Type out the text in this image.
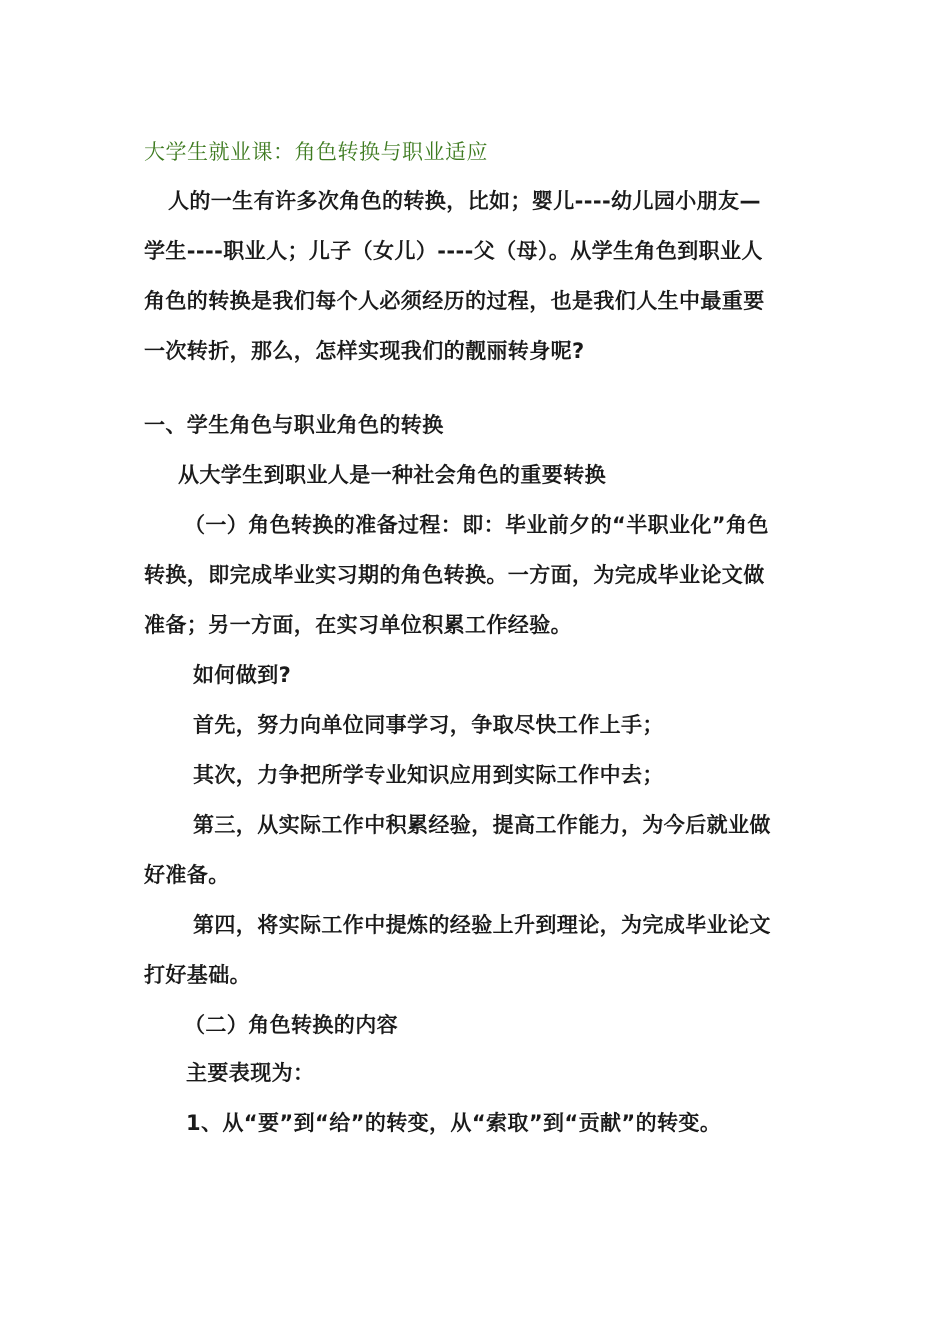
大学生就业课：角色转换与职业适应
人的一生有许多次角色的转换，比如；婴儿----幼儿园小朋友—
学生----职业人；儿子（女儿）----父（母）。从学生角色到职业人
角色的转换是我们每个人必须经历的过程，也是我们人生中最重要
一次转折，那么，怎样实现我们的靓丽转身呢?
一、学生角色与职业角色的转换
从大学生到职业人是一种社会角色的重要转换
（一）角色转换的准备过程：即：毕业前夕的“半职业化”角色
转换，即完成毕业实习期的角色转换。一方面，为完成毕业论文做
准备；另一方面，在实习单位积累工作经验。
如何做到?
首先，努力向单位同事学习，争取尽快工作上手；
其次，力争把所学专业知识应用到实际工作中去；
第三，从实际工作中积累经验，提高工作能力，为今后就业做
好准备。
第四，将实际工作中提炼的经验上升到理论，为完成毕业论文
打好基础。
（二）角色转换的内容
主要表现为：
1、从“要”到“给”的转变，从“索取”到“贡献”的转变。
